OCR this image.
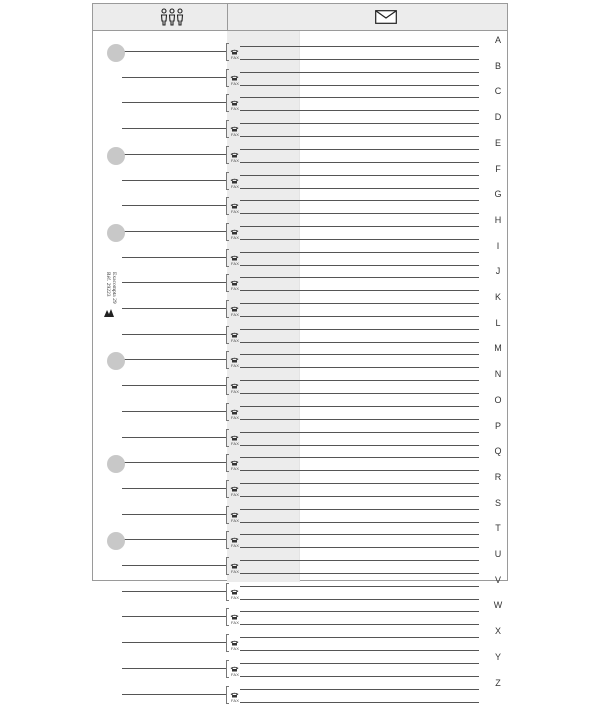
FAX
A
FAX
B
FAX
C
FAX
D
FAX
E
FAX
F
FAX
G
FAX
H
FAX
I
FAX
J
FAX
K
FAX
L
FAX
M
FAX
N
FAX
O
FAX
P
FAX
Q
FAX
R
FAX
S
FAX
T
FAX
U
FAX
V
FAX
W
FAX
X
FAX
Y
FAX
Z
Exacompta 29
Réf. 29223
